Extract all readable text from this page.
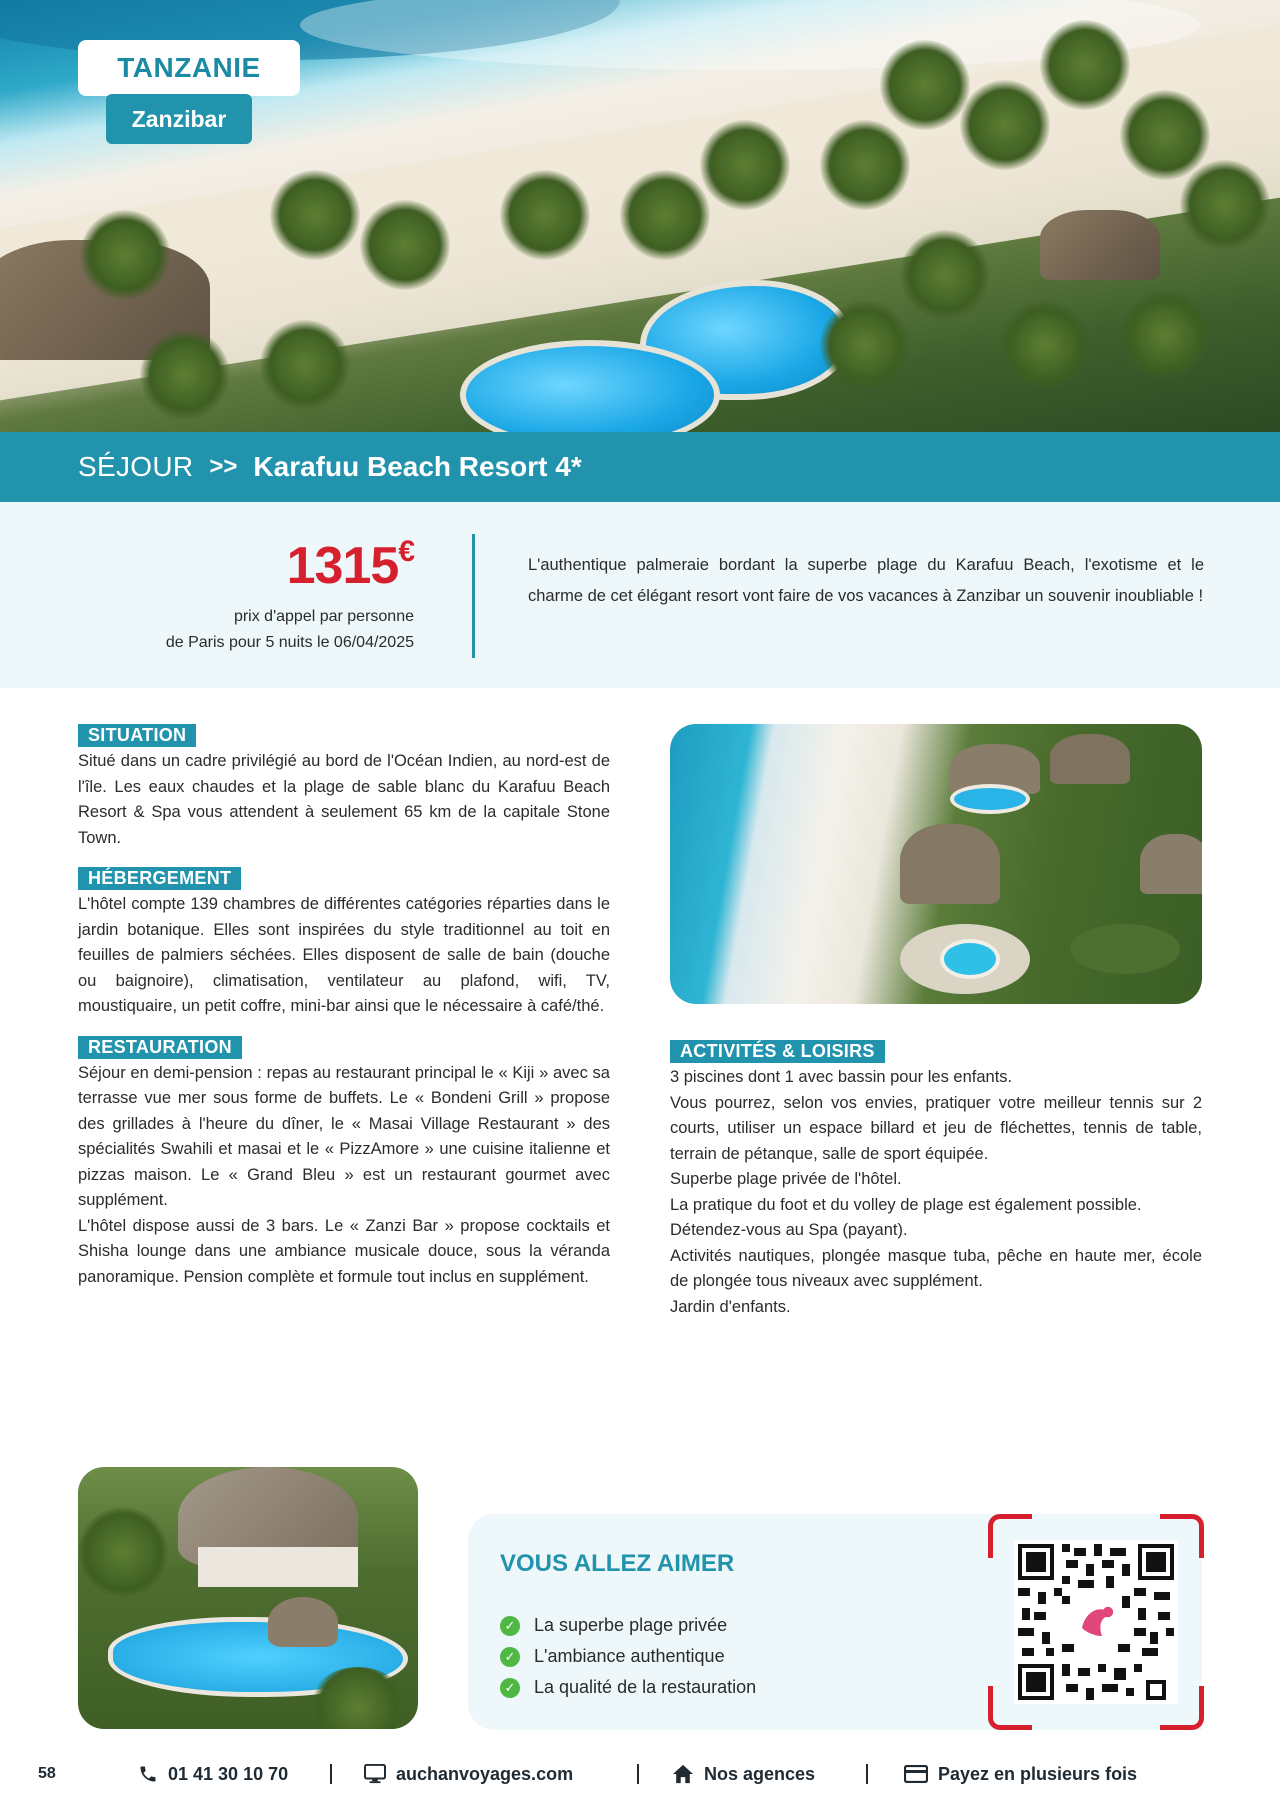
TANZANIE
Zanzibar
SÉJOUR >> Karafuu Beach Resort 4*
1315€
prix d'appel par personne
de Paris pour 5 nuits le 06/04/2025
L'authentique palmeraie bordant la superbe plage du Karafuu Beach, l'exotisme et le charme de cet élégant resort vont faire de vos vacances à Zanzibar un souvenir inoubliable !
SITUATION

Situé dans un cadre privilégié au bord de l'Océan Indien, au nord-est de l'île. Les eaux chaudes et la plage de sable blanc du Karafuu Beach Resort & Spa vous attendent à seulement 65 km de la capitale Stone Town.

HÉBERGEMENT

L'hôtel compte 139 chambres de différentes catégories réparties dans le jardin botanique. Elles sont inspirées du style traditionnel au toit en feuilles de palmiers séchées. Elles disposent de salle de bain (douche ou baignoire), climatisation, ventilateur au plafond, wifi, TV, moustiquaire, un petit coffre, mini-bar ainsi que le nécessaire à café/thé.

RESTAURATION

Séjour en demi-pension : repas au restaurant principal le « Kiji » avec sa terrasse vue mer sous forme de buffets. Le « Bondeni Grill » propose des grillades à l'heure du dîner, le « Masai Village Restaurant » des spécialités Swahili et masai et le « PizzAmore » une cuisine italienne et pizzas maison. Le « Grand Bleu » est un restaurant gourmet avec supplément.

L'hôtel dispose aussi de 3 bars. Le « Zanzi Bar » propose cocktails et Shisha lounge dans une ambiance musicale douce, sous la véranda panoramique. Pension complète et formule tout inclus en supplément.

ACTIVITÉS & LOISIRS

3 piscines dont 1 avec bassin pour les enfants.

Vous pourrez, selon vos envies, pratiquer votre meilleur tennis sur 2 courts, utiliser un espace billard et jeu de fléchettes, tennis de table, terrain de pétanque, salle de sport équipée.

Superbe plage privée de l'hôtel.

La pratique du foot et du volley de plage est également possible.

Détendez-vous au Spa (payant).

Activités nautiques, plongée masque tuba, pêche en haute mer, école de plongée tous niveaux avec supplément.

Jardin d'enfants.

VOUS ALLEZ AIMER
✓ La superbe plage privée
✓ L'ambiance authentique
✓ La qualité de la restauration
58	01 41 30 10 70	auchanvoyages.com	Nos agences	Payez en plusieurs fois
